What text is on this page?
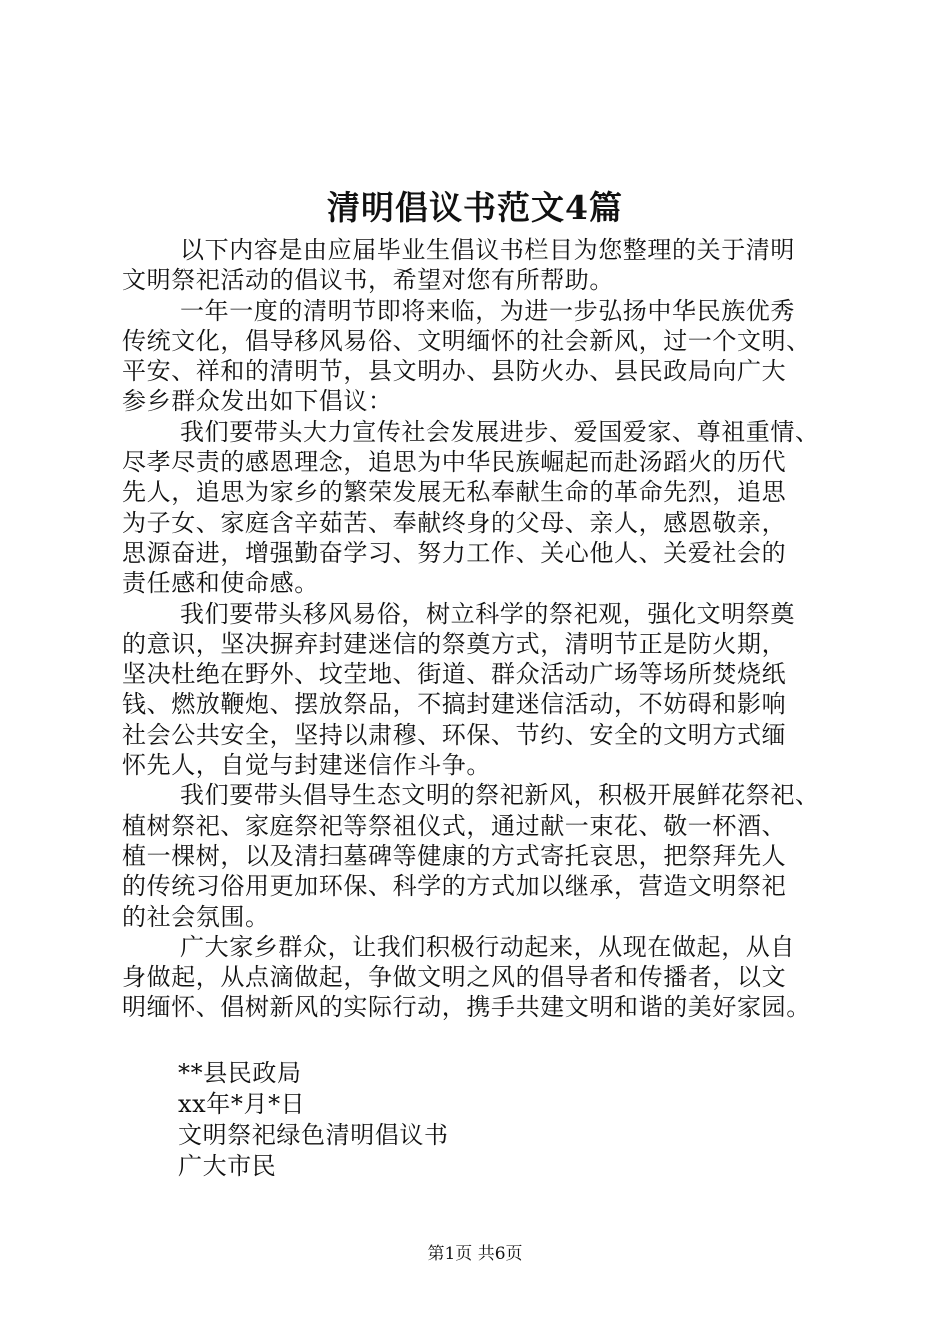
清明倡议书范文4篇
以下内容是由应届毕业生倡议书栏目为您整理的关于清明
文明祭祀活动的倡议书，希望对您有所帮助。
一年一度的清明节即将来临，为进一步弘扬中华民族优秀
传统文化，倡导移风易俗、文明缅怀的社会新风，过一个文明、
平安、祥和的清明节，县文明办、县防火办、县民政局向广大
参乡群众发出如下倡议：
我们要带头大力宣传社会发展进步、爱国爱家、尊祖重情、
尽孝尽责的感恩理念，追思为中华民族崛起而赴汤蹈火的历代
先人，追思为家乡的繁荣发展无私奉献生命的革命先烈，追思
为子女、家庭含辛茹苦、奉献终身的父母、亲人，感恩敬亲，
思源奋进，增强勤奋学习、努力工作、关心他人、关爱社会的
责任感和使命感。
我们要带头移风易俗，树立科学的祭祀观，强化文明祭奠
的意识，坚决摒弃封建迷信的祭奠方式，清明节正是防火期，
坚决杜绝在野外、坟茔地、街道、群众活动广场等场所焚烧纸
钱、燃放鞭炮、摆放祭品，不搞封建迷信活动，不妨碍和影响
社会公共安全，坚持以肃穆、环保、节约、安全的文明方式缅
怀先人，自觉与封建迷信作斗争。
我们要带头倡导生态文明的祭祀新风，积极开展鲜花祭祀、
植树祭祀、家庭祭祀等祭祖仪式，通过献一束花、敬一杯酒、
植一棵树，以及清扫墓碑等健康的方式寄托哀思，把祭拜先人
的传统习俗用更加环保、科学的方式加以继承，营造文明祭祀
的社会氛围。
广大家乡群众，让我们积极行动起来，从现在做起，从自
身做起，从点滴做起，争做文明之风的倡导者和传播者，以文
明缅怀、倡树新风的实际行动，携手共建文明和谐的美好家园。
**县民政局
xx年*月*日
文明祭祀绿色清明倡议书
广大市民
第1页 共6页
